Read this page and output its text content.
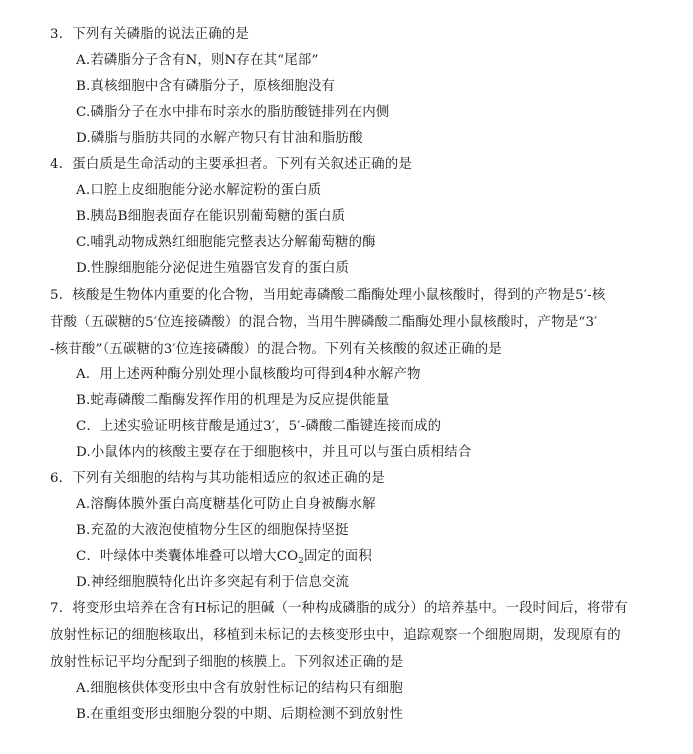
3．下列有关磷脂的说法正确的是
A.若磷脂分子含有N，则N存在其“尾部”
B.真核细胞中含有磷脂分子，原核细胞没有
C.磷脂分子在水中排布时亲水的脂肪酸链排列在内侧
D.磷脂与脂肪共同的水解产物只有甘油和脂肪酸
4．蛋白质是生命活动的主要承担者。下列有关叙述正确的是
A.口腔上皮细胞能分泌水解淀粉的蛋白质
B.胰岛B细胞表面存在能识别葡萄糖的蛋白质
C.哺乳动物成熟红细胞能完整表达分解葡萄糖的酶
D.性腺细胞能分泌促进生殖器官发育的蛋白质
5．核酸是生物体内重要的化合物，当用蛇毒磷酸二酯酶处理小鼠核酸时，得到的产物是5′-核
苷酸（五碳糖的5′位连接磷酸）的混合物，当用牛脾磷酸二酯酶处理小鼠核酸时，产物是“3′
-核苷酸”（五碳糖的3′位连接磷酸）的混合物。下列有关核酸的叙述正确的是
A．用上述两种酶分别处理小鼠核酸均可得到4种水解产物
B.蛇毒磷酸二酯酶发挥作用的机理是为反应提供能量
C．上述实验证明核苷酸是通过3′，5′-磷酸二酯键连接而成的
D.小鼠体内的核酸主要存在于细胞核中，并且可以与蛋白质相结合
6．下列有关细胞的结构与其功能相适应的叙述正确的是
A.溶酶体膜外蛋白高度糖基化可防止自身被酶水解
B.充盈的大液泡使植物分生区的细胞保持坚挺
C．叶绿体中类囊体堆叠可以增大$CO_2$固定的面积
D.神经细胞膜特化出许多突起有利于信息交流
7．将变形虫培养在含有H标记的胆碱（一种构成磷脂的成分）的培养基中。一段时间后，将带有
放射性标记的细胞核取出，移植到未标记的去核变形虫中，追踪观察一个细胞周期，发现原有的
放射性标记平均分配到子细胞的核膜上。下列叙述正确的是
A.细胞核供体变形虫中含有放射性标记的结构只有细胞
B.在重组变形虫细胞分裂的中期、后期检测不到放射性
